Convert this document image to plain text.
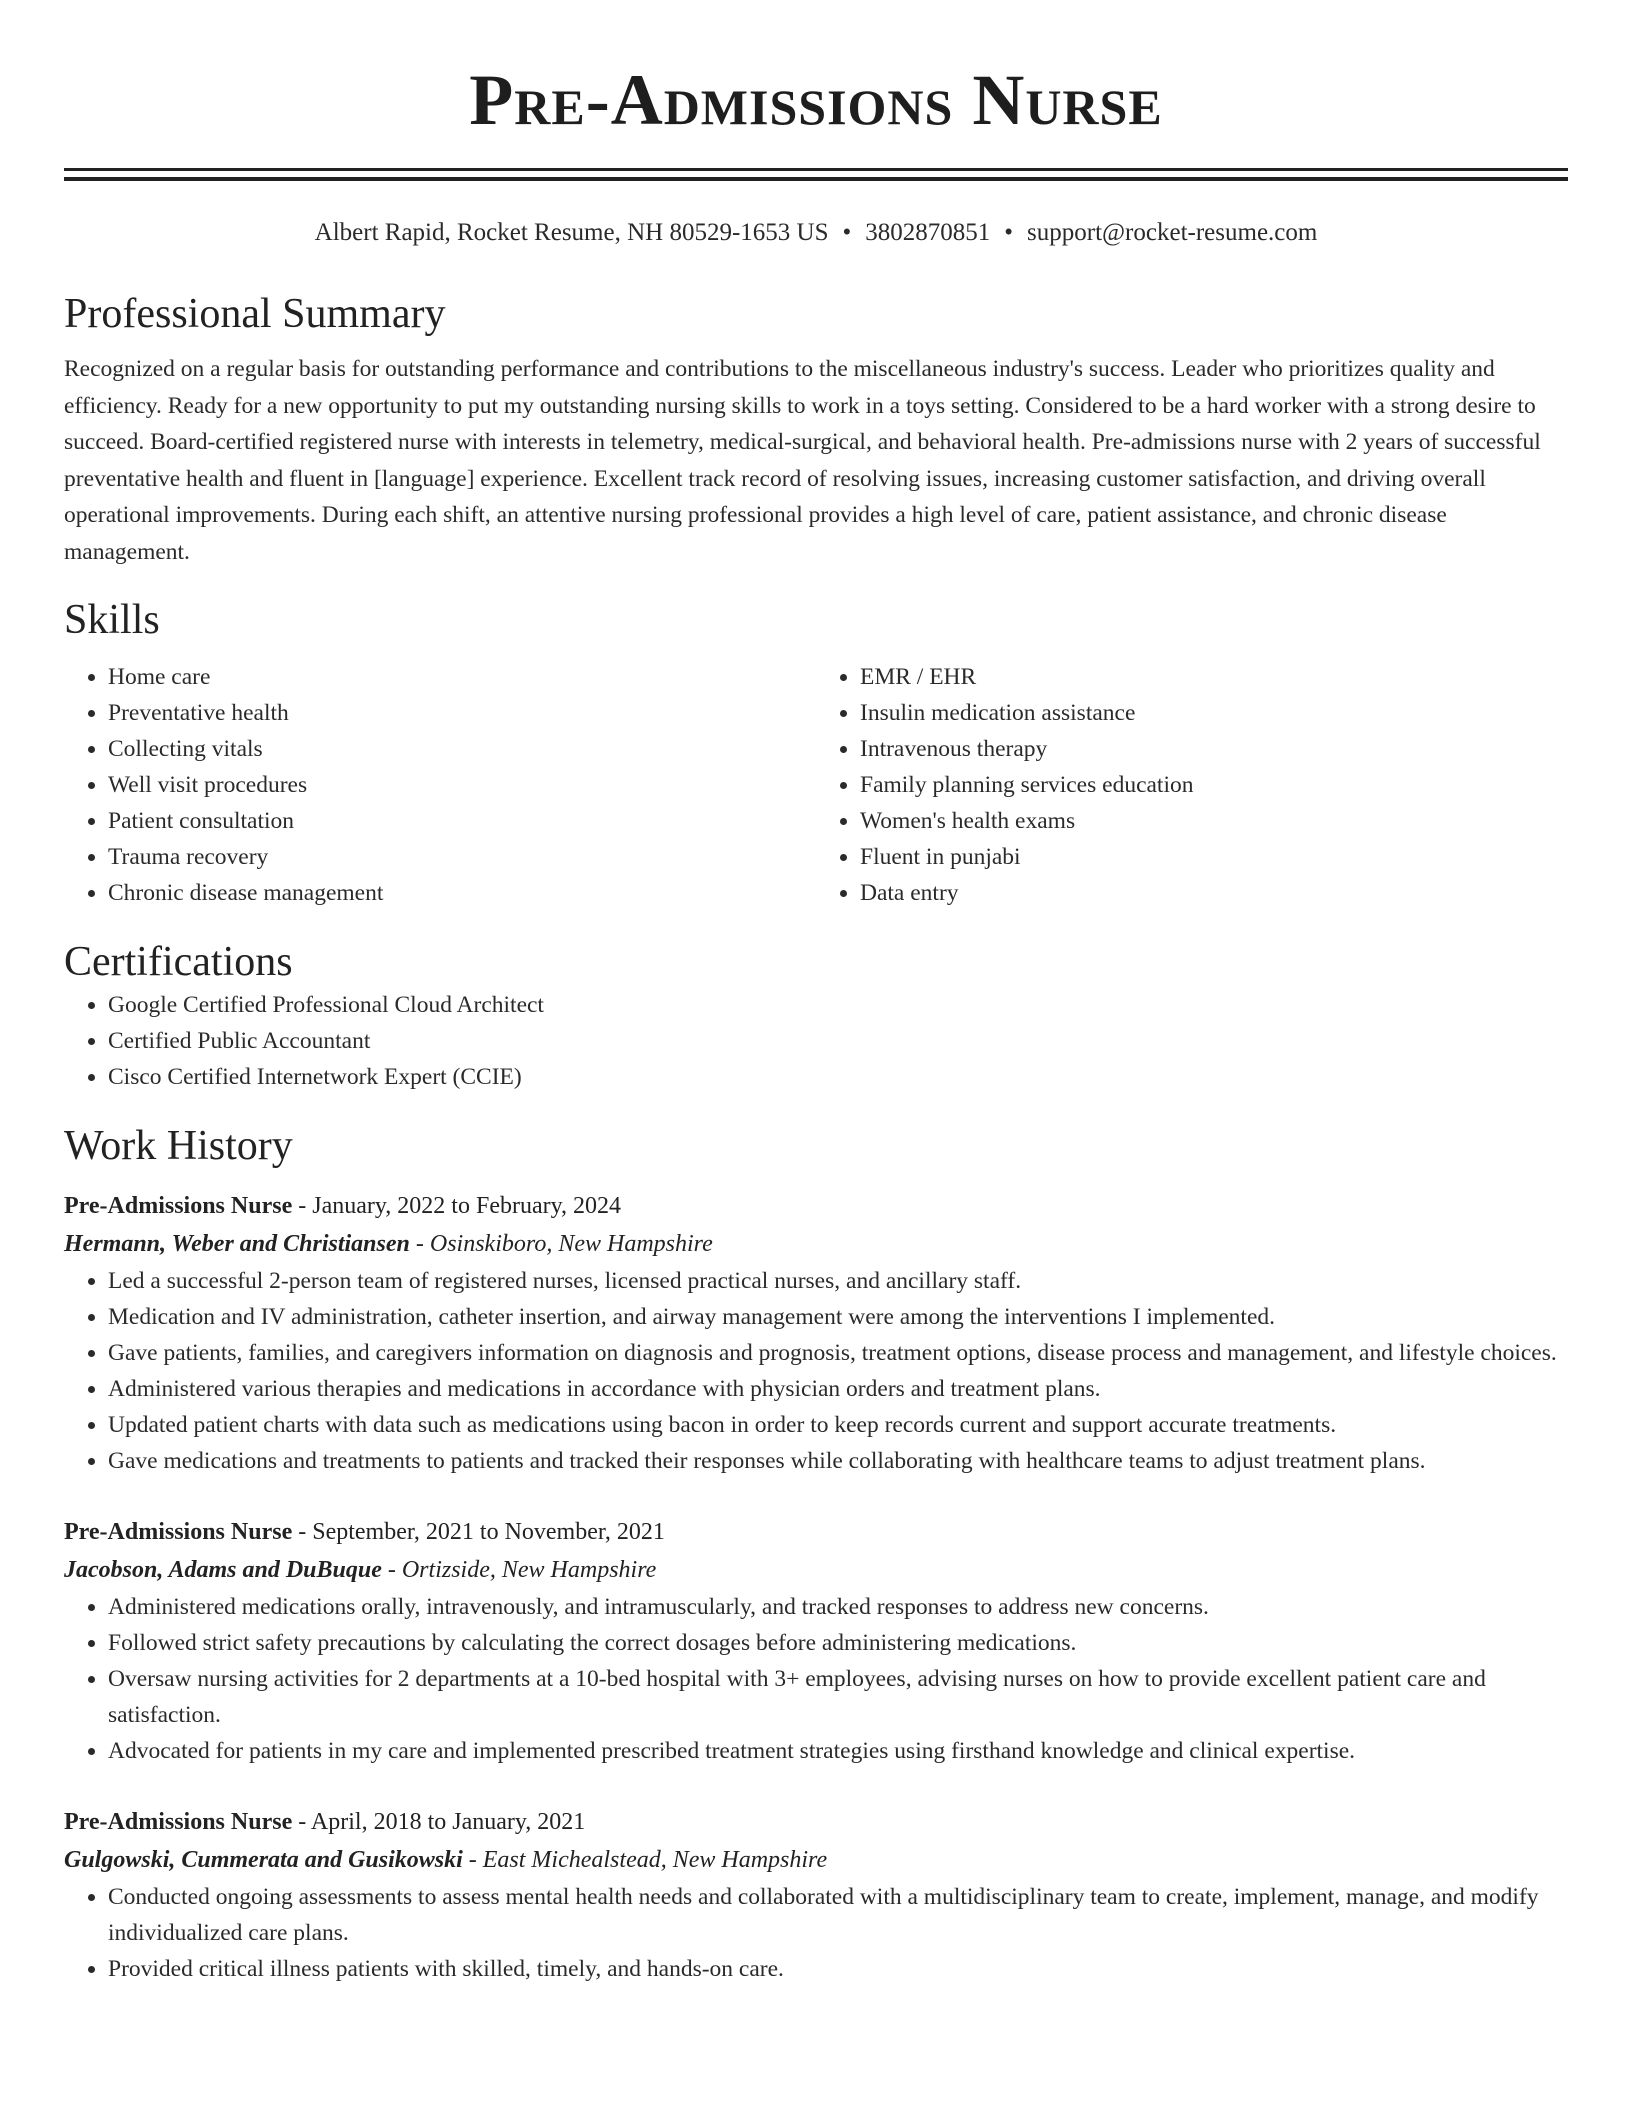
Pre-Admissions Nurse
Albert Rapid, Rocket Resume, NH 80529-1653 US • 3802870851 • support@rocket-resume.com
Professional Summary

Recognized on a regular basis for outstanding performance and contributions to the miscellaneous industry's success. Leader who prioritizes quality and efficiency. Ready for a new opportunity to put my outstanding nursing skills to work in a toys setting. Considered to be a hard worker with a strong desire to succeed. Board-certified registered nurse with interests in telemetry, medical-surgical, and behavioral health. Pre-admissions nurse with 2 years of successful preventative health and fluent in [language] experience. Excellent track record of resolving issues, increasing customer satisfaction, and driving overall operational improvements. During each shift, an attentive nursing professional provides a high level of care, patient assistance, and chronic disease management.

Skills
• Home care
• Preventative health
• Collecting vitals
• Well visit procedures
• Patient consultation
• Trauma recovery
• Chronic disease management
• EMR / EHR
• Insulin medication assistance
• Intravenous therapy
• Family planning services education
• Women's health exams
• Fluent in punjabi
• Data entry
Certifications
• Google Certified Professional Cloud Architect
• Certified Public Accountant
• Cisco Certified Internetwork Expert (CCIE)
Work History
Pre-Admissions Nurse - January, 2022 to February, 2024
Hermann, Weber and Christiansen - Osinskiboro, New Hampshire
• Led a successful 2-person team of registered nurses, licensed practical nurses, and ancillary staff.
• Medication and IV administration, catheter insertion, and airway management were among the interventions I implemented.
• Gave patients, families, and caregivers information on diagnosis and prognosis, treatment options, disease process and management, and lifestyle choices.
• Administered various therapies and medications in accordance with physician orders and treatment plans.
• Updated patient charts with data such as medications using bacon in order to keep records current and support accurate treatments.
• Gave medications and treatments to patients and tracked their responses while collaborating with healthcare teams to adjust treatment plans.
Pre-Admissions Nurse - September, 2021 to November, 2021
Jacobson, Adams and DuBuque - Ortizside, New Hampshire
• Administered medications orally, intravenously, and intramuscularly, and tracked responses to address new concerns.
• Followed strict safety precautions by calculating the correct dosages before administering medications.
• Oversaw nursing activities for 2 departments at a 10-bed hospital with 3+ employees, advising nurses on how to provide excellent patient care and satisfaction.
• Advocated for patients in my care and implemented prescribed treatment strategies using firsthand knowledge and clinical expertise.
Pre-Admissions Nurse - April, 2018 to January, 2021
Gulgowski, Cummerata and Gusikowski - East Michealstead, New Hampshire
• Conducted ongoing assessments to assess mental health needs and collaborated with a multidisciplinary team to create, implement, manage, and modify individualized care plans.
• Provided critical illness patients with skilled, timely, and hands-on care.
